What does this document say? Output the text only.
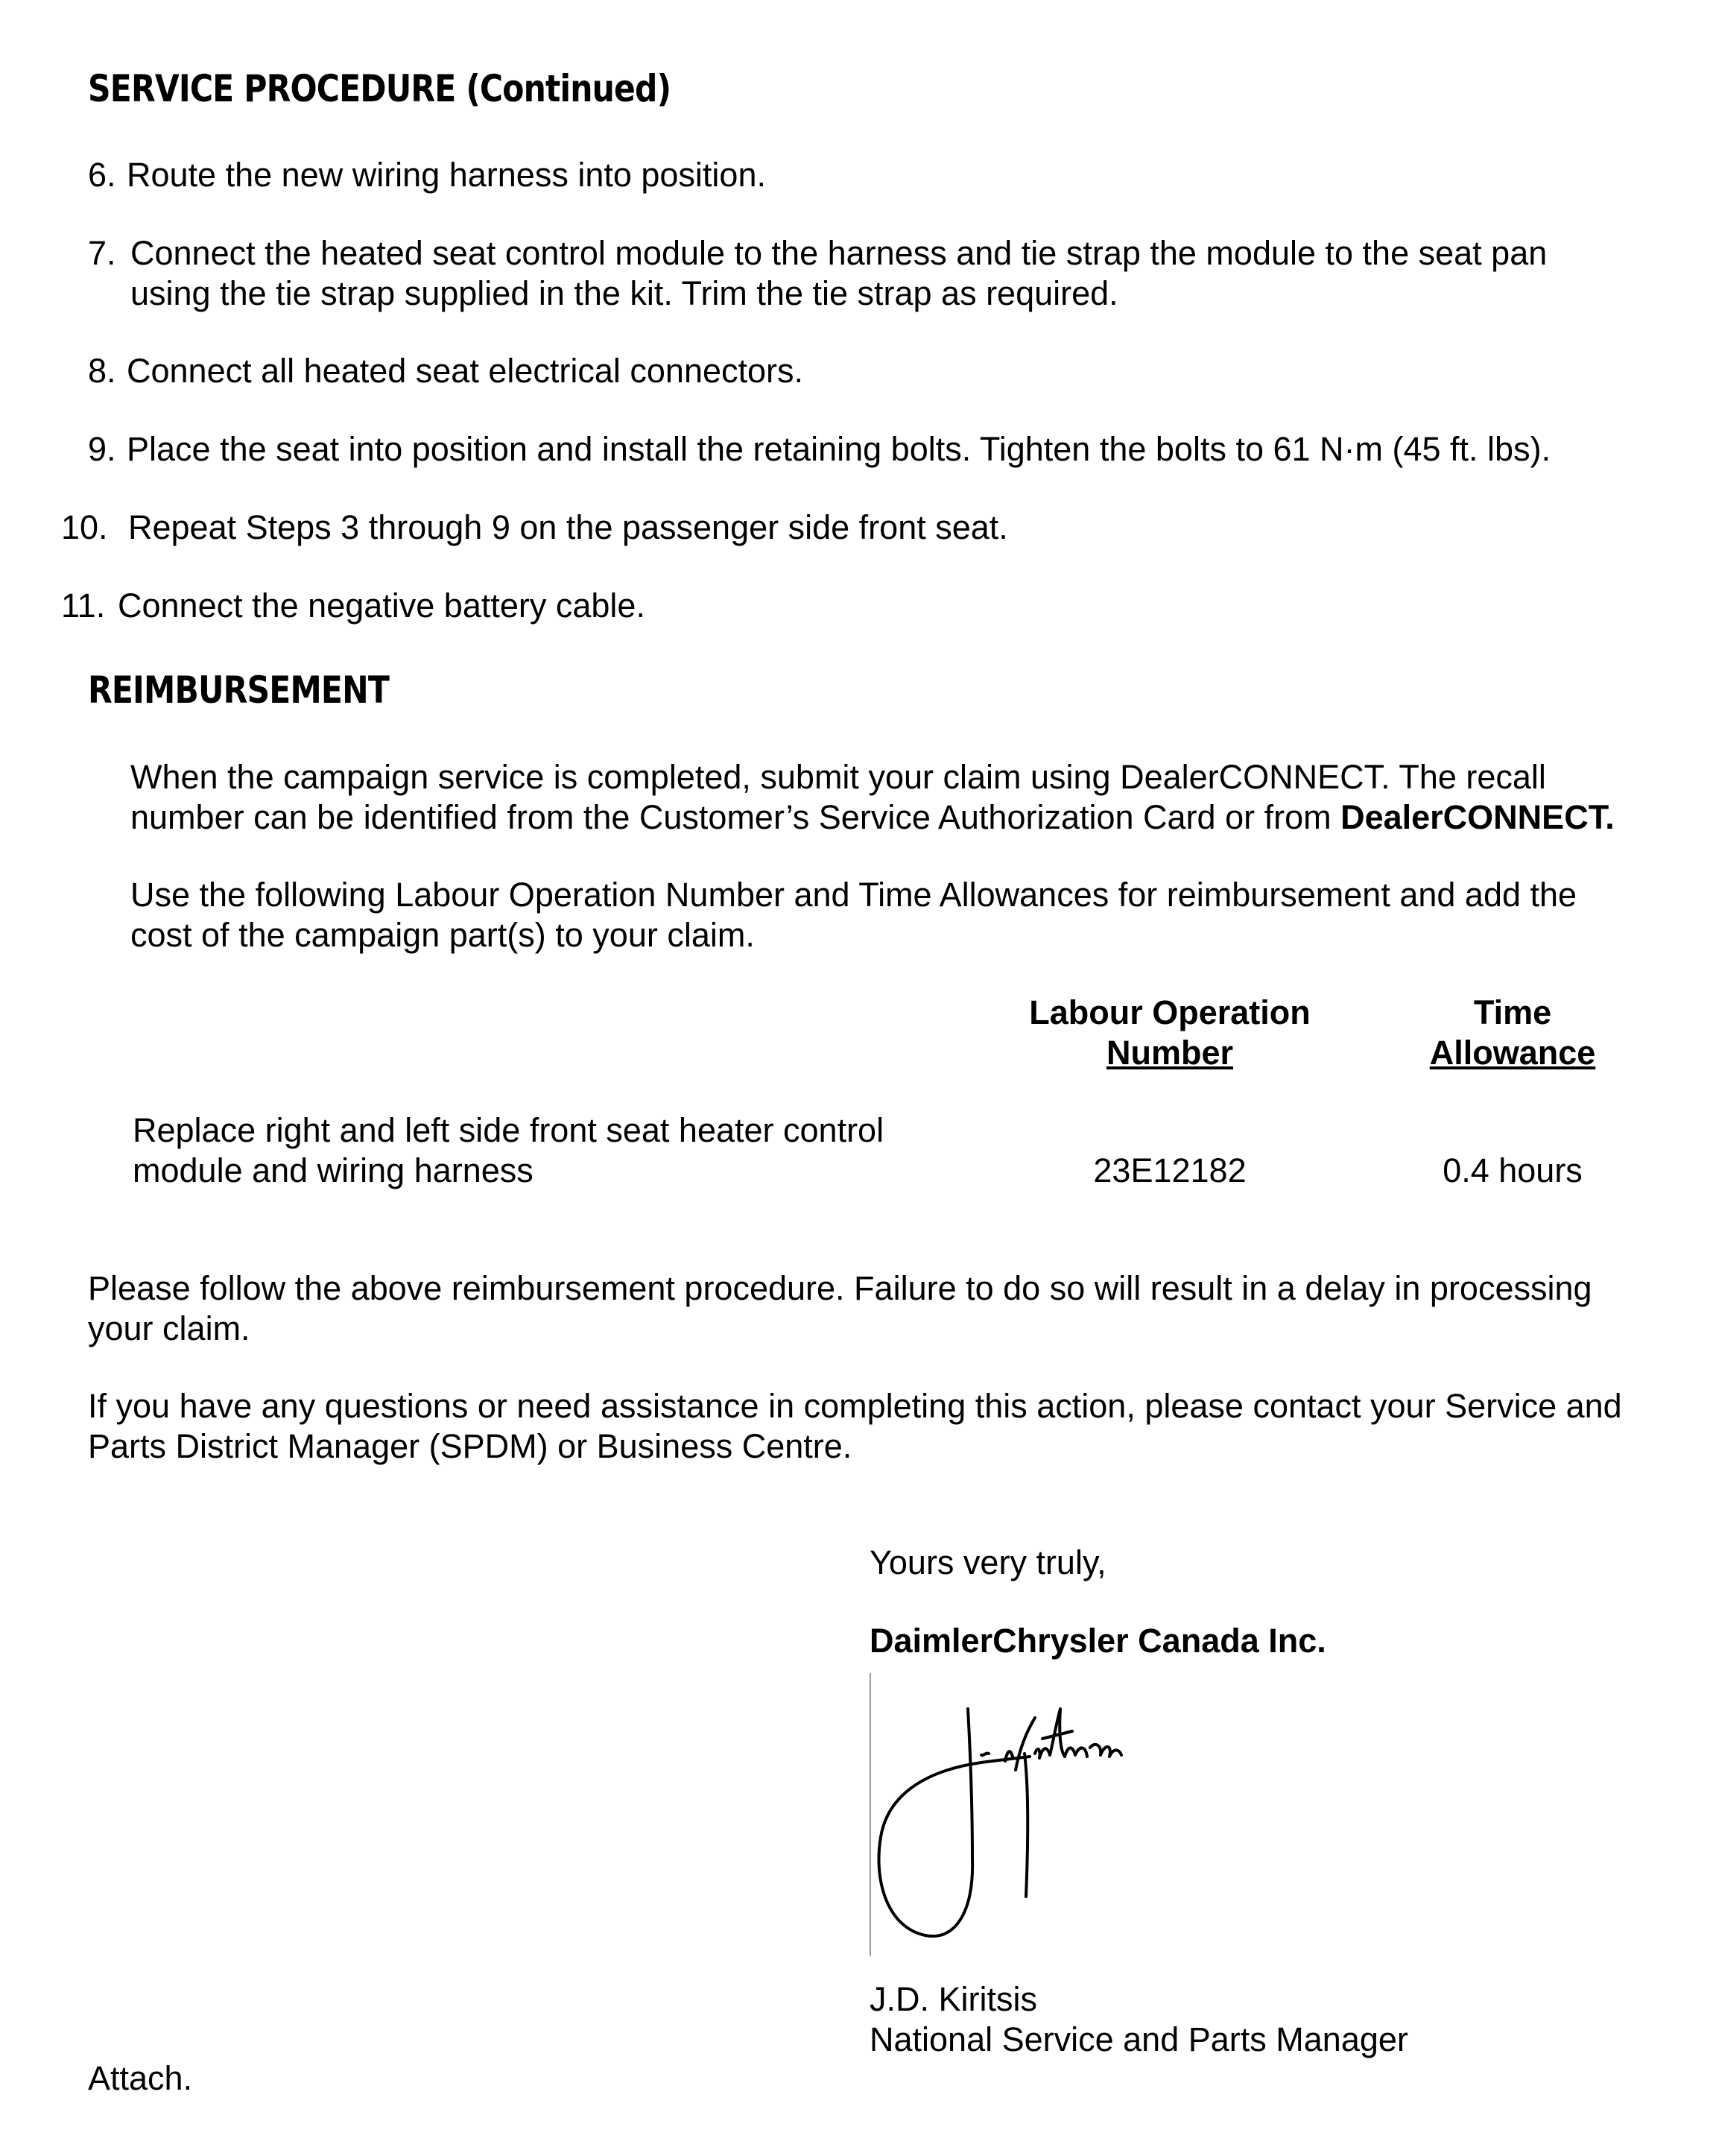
SERVICE PROCEDURE (Continued)
6. Route the new wiring harness into position.
7. Connect the heated seat control module to the harness and tie strap the module to the seat pan
using the tie strap supplied in the kit. Trim the tie strap as required.
8. Connect all heated seat electrical connectors.
9. Place the seat into position and install the retaining bolts. Tighten the bolts to 61 N·m (45 ft. lbs).
10. Repeat Steps 3 through 9 on the passenger side front seat.
11. Connect the negative battery cable.
REIMBURSEMENT
When the campaign service is completed, submit your claim using DealerCONNECT. The recall
number can be identified from the Customer’s Service Authorization Card or from DealerCONNECT.
Use the following Labour Operation Number and Time Allowances for reimbursement and add the
cost of the campaign part(s) to your claim.
Labour Operation
Number
Time
Allowance
Replace right and left side front seat heater control
module and wiring harness	23E12182	0.4 hours
Please follow the above reimbursement procedure. Failure to do so will result in a delay in processing
your claim.
If you have any questions or need assistance in completing this action, please contact your Service and
Parts District Manager (SPDM) or Business Centre.
Yours very truly,
DaimlerChrysler Canada Inc.
J.D. Kiritsis
National Service and Parts Manager
Attach.
